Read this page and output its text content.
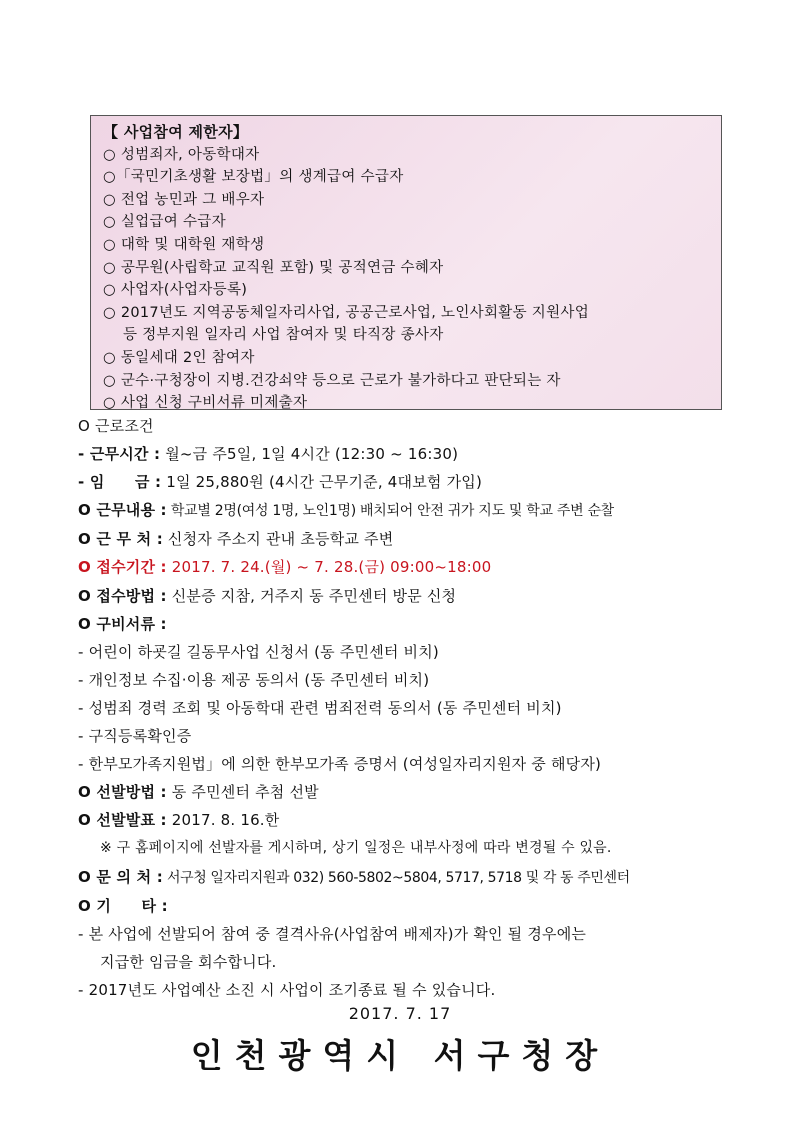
【 사업참여 제한자】
○ 성범죄자, 아동학대자
○「국민기초생활 보장법」의 생계급여 수급자
○ 전업 농민과 그 배우자
○ 실업급여 수급자
○ 대학 및 대학원 재학생
○ 공무원(사립학교 교직원 포함) 및 공적연금 수혜자
○ 사업자(사업자등록)
○ 2017년도 지역공동체일자리사업, 공공근로사업, 노인사회활동 지원사업
등 정부지원 일자리 사업 참여자 및 타직장 종사자
○ 동일세대 2인 참여자
○ 군수·구청장이 지병.건강쇠약 등으로 근로가 불가하다고 판단되는 자
○ 사업 신청 구비서류 미제출자
O 근로조건
- 근무시간 : 월~금 주5일, 1일 4시간 (12:30 ~ 16:30)
- 임　　금 : 1일 25,880원 (4시간 근무기준, 4대보험 가입)
O 근무내용 : 학교별 2명(여성 1명, 노인1명) 배치되어 안전 귀가 지도 및 학교 주변 순찰
O 근 무 처 : 신청자 주소지 관내 초등학교 주변
O 접수기간 : 2017. 7. 24.(월) ~ 7. 28.(금) 09:00~18:00
O 접수방법 : 신분증 지참, 거주지 동 주민센터 방문 신청
O 구비서류 :
- 어린이 하굣길 길동무사업 신청서 (동 주민센터 비치)
- 개인정보 수집·이용 제공 동의서 (동 주민센터 비치)
- 성범죄 경력 조회 및 아동학대 관련 범죄전력 동의서 (동 주민센터 비치)
- 구직등록확인증
- 한부모가족지원법」에 의한 한부모가족 증명서 (여성일자리지원자 중 해당자)
O 선발방법 : 동 주민센터 추첨 선발
O 선발발표 : 2017. 8. 16.한
※ 구 홈페이지에 선발자를 게시하며, 상기 일정은 내부사정에 따라 변경될 수 있음.
O 문 의 처 : 서구청 일자리지원과 032) 560-5802~5804, 5717, 5718 및 각 동 주민센터
O 기　　타 :
- 본 사업에 선발되어 참여 중 결격사유(사업참여 배제자)가 확인 될 경우에는
지급한 임금을 회수합니다.
- 2017년도 사업예산 소진 시 사업이 조기종료 될 수 있습니다.
2017. 7. 17
인천광역시 서구청장
